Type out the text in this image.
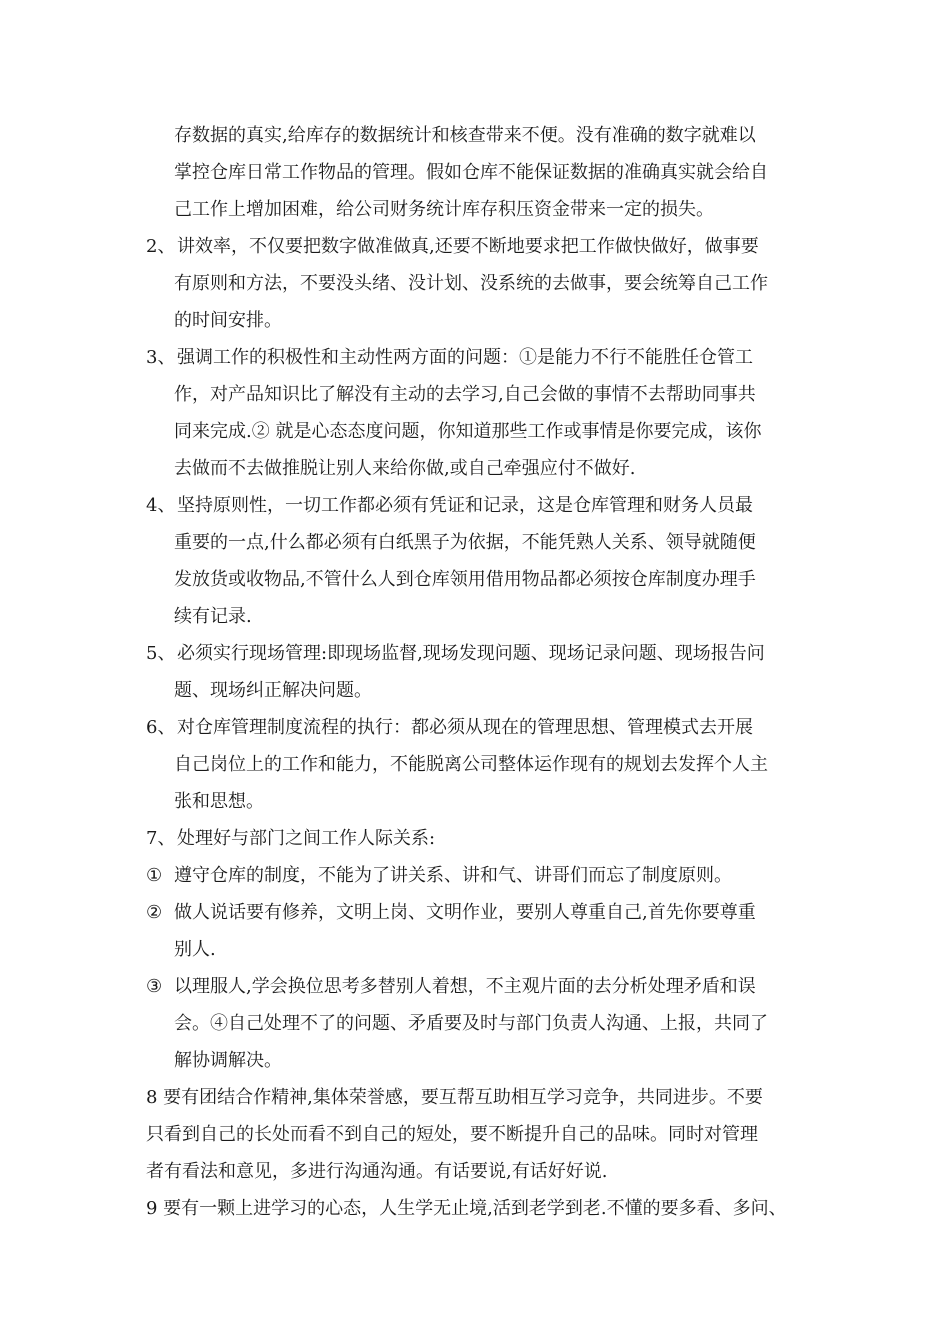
存数据的真实,给库存的数据统计和核查带来不便。没有准确的数字就难以
掌控仓库日常工作物品的管理。假如仓库不能保证数据的准确真实就会给自
己工作上增加困难，给公司财务统计库存积压资金带来一定的损失。
2、 讲效率，不仅要把数字做准做真,还要不断地要求把工作做快做好，做事要
有原则和方法，不要没头绪、没计划、没系统的去做事，要会统筹自己工作
的时间安排。
3、 强调工作的积极性和主动性两方面的问题：①是能力不行不能胜任仓管工
作，对产品知识比了解没有主动的去学习,自己会做的事情不去帮助同事共
同来完成.② 就是心态态度问题，你知道那些工作或事情是你要完成，该你
去做而不去做推脱让别人来给你做,或自己牵强应付不做好.
4、 坚持原则性，一切工作都必须有凭证和记录，这是仓库管理和财务人员最
重要的一点,什么都必须有白纸黑子为依据，不能凭熟人关系、领导就随便
发放货或收物品,不管什么人到仓库领用借用物品都必须按仓库制度办理手
续有记录.
5、 必须实行现场管理:即现场监督,现场发现问题、现场记录问题、现场报告问
题、现场纠正解决问题。
6、 对仓库管理制度流程的执行：都必须从现在的管理思想、管理模式去开展
自己岗位上的工作和能力，不能脱离公司整体运作现有的规划去发挥个人主
张和思想。
7、 处理好与部门之间工作人际关系:
① 遵守仓库的制度，不能为了讲关系、讲和气、讲哥们而忘了制度原则。
② 做人说话要有修养，文明上岗、文明作业，要别人尊重自己,首先你要尊重
别人.
③ 以理服人,学会换位思考多替别人着想，不主观片面的去分析处理矛盾和误
会。④自己处理不了的问题、矛盾要及时与部门负责人沟通、上报，共同了
解协调解决。
8 要有团结合作精神,集体荣誉感，要互帮互助相互学习竞争，共同进步。不要
只看到自己的长处而看不到自己的短处，要不断提升自己的品味。同时对管理
者有看法和意见，多进行沟通沟通。有话要说,有话好好说.
9 要有一颗上进学习的心态，人生学无止境,活到老学到老.不懂的要多看、多问、
